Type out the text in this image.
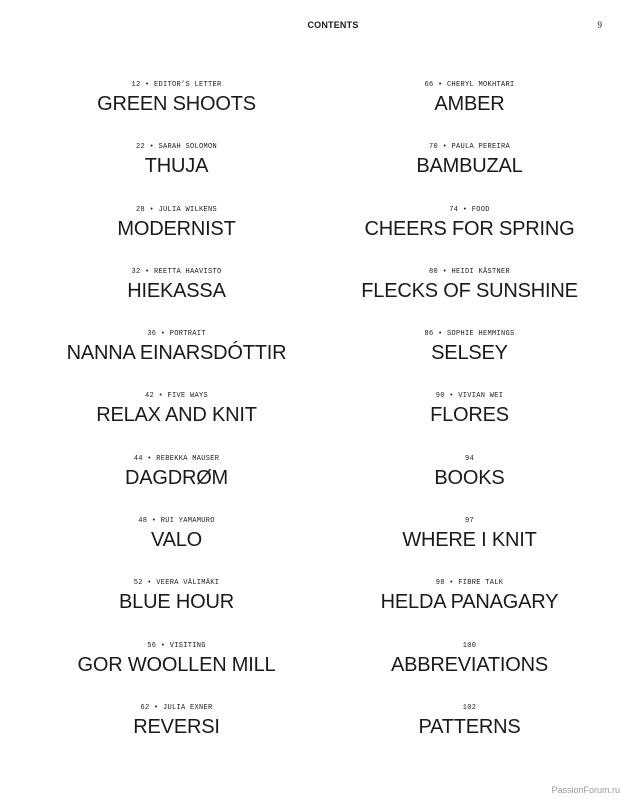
CONTENTS	9
12 • EDITOR’S LETTER
GREEN SHOOTS
22 • SARAH SOLOMON
THUJA
28 • JULIA WILKENS
MODERNIST
32 • REETTA HAAVISTO
HIEKASSA
36 • PORTRAIT
NANNA EINARSDÓTTIR
42 • FIVE WAYS
RELAX AND KNIT
44 • REBEKKA MAUSER
DAGDRØM
48 • RUI YAMAMURO
VALO
52 • VEERA VÄLIMÄKI
BLUE HOUR
56 • VISITING
GOR WOOLLEN MILL
62 • JULIA EXNER
REVERSI
66 • CHERYL MOKHTARI
AMBER
70 • PAULA PEREIRA
BAMBUZAL
74 • FOOD
CHEERS FOR SPRING
80 • HEIDI KÄSTNER
FLECKS OF SUNSHINE
86 • SOPHIE HEMMINGS
SELSEY
90 • VIVIAN WEI
FLORES
94
BOOKS
97
WHERE I KNIT
98 • FIBRE TALK
HELDA PANAGARY
100
ABBREVIATIONS
102
PATTERNS
PassionForum.ru
